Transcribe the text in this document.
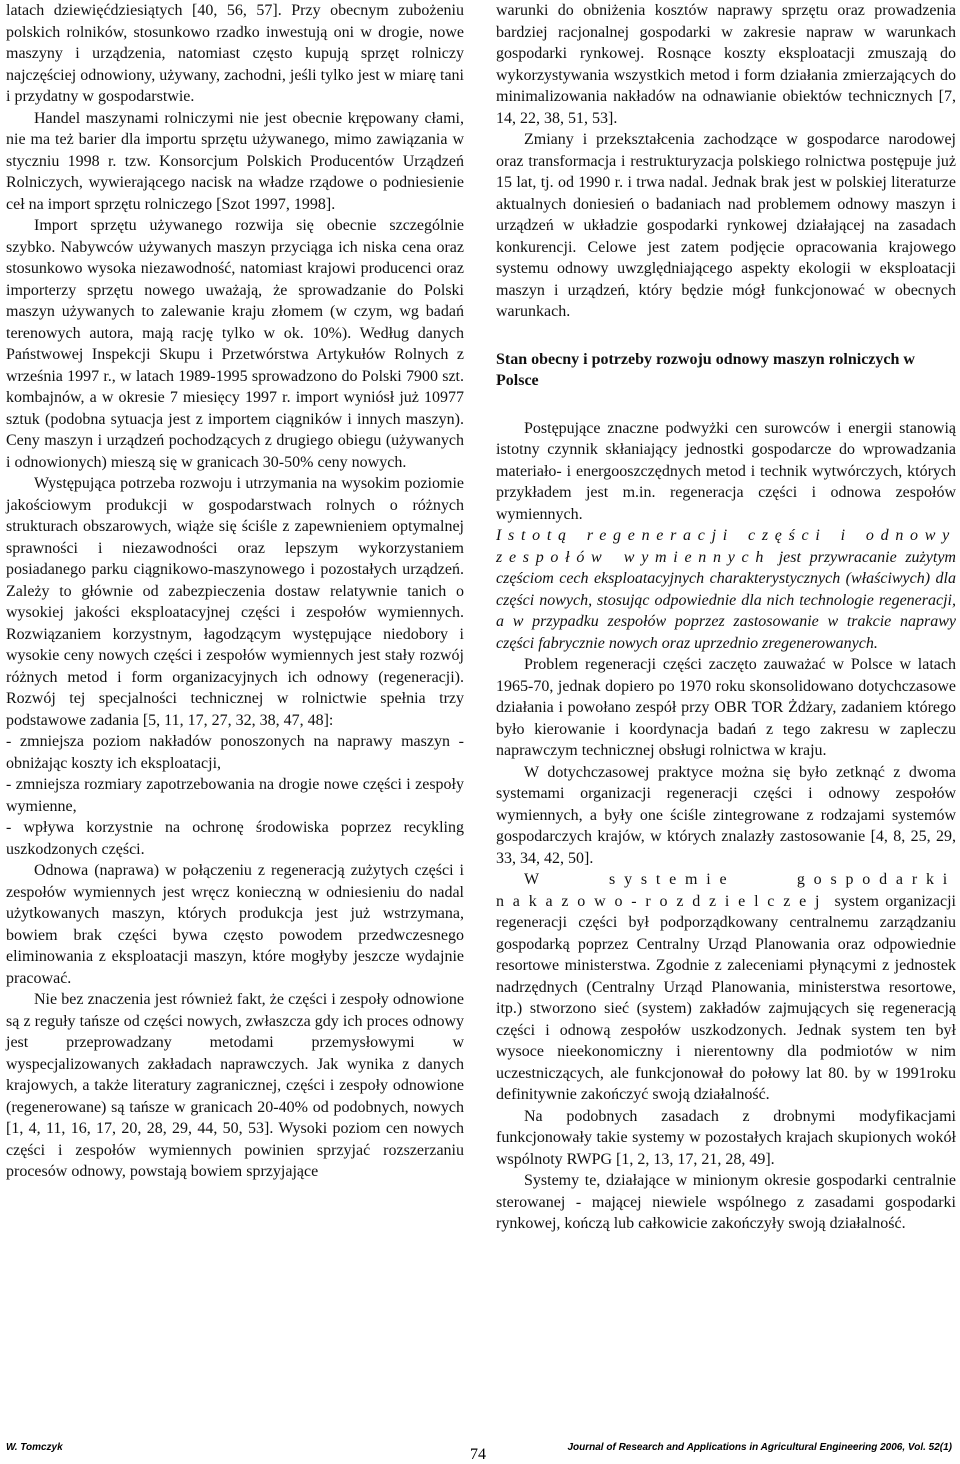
latach dziewięćdziesiątych [40, 56, 57]. Przy obecnym zubożeniu polskich rolników, stosunkowo rzadko inwestują oni w drogie, nowe maszyny i urządzenia, natomiast często kupują sprzęt rolniczy najczęściej odnowiony, używany, zachodni, jeśli tylko jest w miarę tani i przydatny w gospodarstwie.

Handel maszynami rolniczymi nie jest obecnie krępowany cłami, nie ma też barier dla importu sprzętu używanego, mimo zawiązania w styczniu 1998 r. tzw. Konsorcjum Polskich Producentów Urządzeń Rolniczych, wywierającego nacisk na władze rządowe o podniesienie ceł na import sprzętu rolniczego [Szot 1997, 1998].

Import sprzętu używanego rozwija się obecnie szczególnie szybko. Nabywców używanych maszyn przyciąga ich niska cena oraz stosunkowo wysoka niezawodność, natomiast krajowi producenci oraz importerzy sprzętu nowego uważają, że sprowadzanie do Polski maszyn używanych to zalewanie kraju złomem (w czym, wg badań terenowych autora, mają rację tylko w ok. 10%). Według danych Państwowej Inspekcji Skupu i Przetwórstwa Artykułów Rolnych z września 1997 r., w latach 1989-1995 sprowadzono do Polski 7900 szt. kombajnów, a w okresie 7 miesięcy 1997 r. import wyniósł już 10977 sztuk (podobna sytuacja jest z importem ciągników i innych maszyn). Ceny maszyn i urządzeń pochodzących z drugiego obiegu (używanych i odnowionych) mieszą się w granicach 30-50% ceny nowych.

Występująca potrzeba rozwoju i utrzymania na wysokim poziomie jakościowym produkcji w gospodarstwach rolnych o różnych strukturach obszarowych, wiąże się ściśle z zapewnieniem optymalnej sprawności i niezawodności oraz lepszym wykorzystaniem posiadanego parku ciągnikowo-maszynowego i pozostałych urządzeń. Zależy to głównie od zabezpieczenia dostaw relatywnie tanich o wysokiej jakości eksploatacyjnej części i zespołów wymiennych. Rozwiązaniem korzystnym, łagodzącym występujące niedobory i wysokie ceny nowych części i zespołów wymiennych jest stały rozwój różnych metod i form organizacyjnych ich odnowy (regeneracji). Rozwój tej specjalności technicznej w rolnictwie spełnia trzy podstawowe zadania [5, 11, 17, 27, 32, 38, 47, 48]:

- zmniejsza poziom nakładów ponoszonych na naprawy maszyn - obniżając koszty ich eksploatacji,

- zmniejsza rozmiary zapotrzebowania na drogie nowe części i zespoły wymienne,

- wpływa korzystnie na ochronę środowiska poprzez recykling uszkodzonych części.

Odnowa (naprawa) w połączeniu z regeneracją zużytych części i zespołów wymiennych jest wręcz konieczną w odniesieniu do nadal użytkowanych maszyn, których produkcja jest już wstrzymana, bowiem brak części bywa często powodem przedwczesnego eliminowania z eksploatacji maszyn, które mogłyby jeszcze wydajnie pracować.

Nie bez znaczenia jest również fakt, że części i zespoły odnowione są z reguły tańsze od części nowych, zwłaszcza gdy ich proces odnowy jest przeprowadzany metodami przemysłowymi w wyspecjalizowanych zakładach naprawczych. Jak wynika z danych krajowych, a także literatury zagranicznej, części i zespoły odnowione (regenerowane) są tańsze w granicach 20-40% od podobnych, nowych [1, 4, 11, 16, 17, 20, 28, 29, 44, 50, 53]. Wysoki poziom cen nowych części i zespołów wymiennych powinien sprzyjać rozszerzaniu procesów odnowy, powstają bowiem sprzyjające

warunki do obniżenia kosztów naprawy sprzętu oraz prowadzenia bardziej racjonalnej gospodarki w zakresie napraw w warunkach gospodarki rynkowej. Rosnące koszty eksploatacji zmuszają do wykorzystywania wszystkich metod i form działania zmierzających do minimalizowania nakładów na odnawianie obiektów technicznych [7, 14, 22, 38, 51, 53].

Zmiany i przekształcenia zachodzące w gospodarce narodowej oraz transformacja i restrukturyzacja polskiego rolnictwa postępuje już 15 lat, tj. od 1990 r. i trwa nadal. Jednak brak jest w polskiej literaturze aktualnych doniesień o badaniach nad problemem odnowy maszyn i urządzeń w układzie gospodarki rynkowej działającej na zasadach konkurencji. Celowe jest zatem podjęcie opracowania krajowego systemu odnowy uwzględniającego aspekty ekologii w eksploatacji maszyn i urządzeń, który będzie mógł funkcjonować w obecnych warunkach.

Stan obecny i potrzeby rozwoju odnowy maszyn rolniczych w Polsce

Postępujące znaczne podwyżki cen surowców i energii stanowią istotny czynnik skłaniający jednostki gospodarcze do wprowadzania materiało- i energooszczędnych metod i technik wytwórczych, których przykładem jest m.in. regeneracja części i odnowa zespołów wymiennych.

Istotą regeneracji części i odnowy zespołów wymiennych jest przywracanie zużytym częściom cech eksploatacyjnych charakterystycznych (właściwych) dla części nowych, stosując odpowiednie dla nich technologie regeneracji, a w przypadku zespołów poprzez zastosowanie w trakcie naprawy części fabrycznie nowych oraz uprzednio zregenerowanych.

Problem regeneracji części zaczęto zauważać w Polsce w latach 1965-70, jednak dopiero po 1970 roku skonsolidowano dotychczasowe działania i powołano zespół przy OBR TOR Żdżary, zadaniem którego było kierowanie i koordynacja badań z tego zakresu w zapleczu naprawczym technicznej obsługi rolnictwa w kraju.

W dotychczasowej praktyce można się było zetknąć z dwoma systemami organizacji regeneracji części i odnowy zespołów wymiennych, a były one ściśle zintegrowane z rodzajami systemów gospodarczych krajów, w których znalazły zastosowanie [4, 8, 25, 29, 33, 34, 42, 50].

W systemie gospodarki nakazowo-rozdzielczej system organizacji regeneracji części był podporządkowany centralnemu zarządzaniu gospodarką poprzez Centralny Urząd Planowania oraz odpowiednie resortowe ministerstwa. Zgodnie z zaleceniami płynącymi z jednostek nadrzędnych (Centralny Urząd Planowania, ministerstwa resortowe, itp.) stworzono sieć (system) zakładów zajmujących się regeneracją części i odnową zespołów uszkodzonych. Jednak system ten był wysoce nieekonomiczny i nierentowny dla podmiotów w nim uczestniczących, ale funkcjonował do połowy lat 80. by w 1991roku definitywnie zakończyć swoją działalność.

Na podobnych zasadach z drobnymi modyfikacjami funkcjonowały takie systemy w pozostałych krajach skupionych wokół wspólnoty RWPG [1, 2, 13, 17, 21, 28, 49].

Systemy te, działające w minionym okresie gospodarki centralnie sterowanej - mającej niewiele wspólnego z zasadami gospodarki rynkowej, kończą lub całkowicie zakończyły swoją działalność.

W. Tomczyk	74	Journal of Research and Applications in Agricultural Engineering 2006, Vol. 52(1)
